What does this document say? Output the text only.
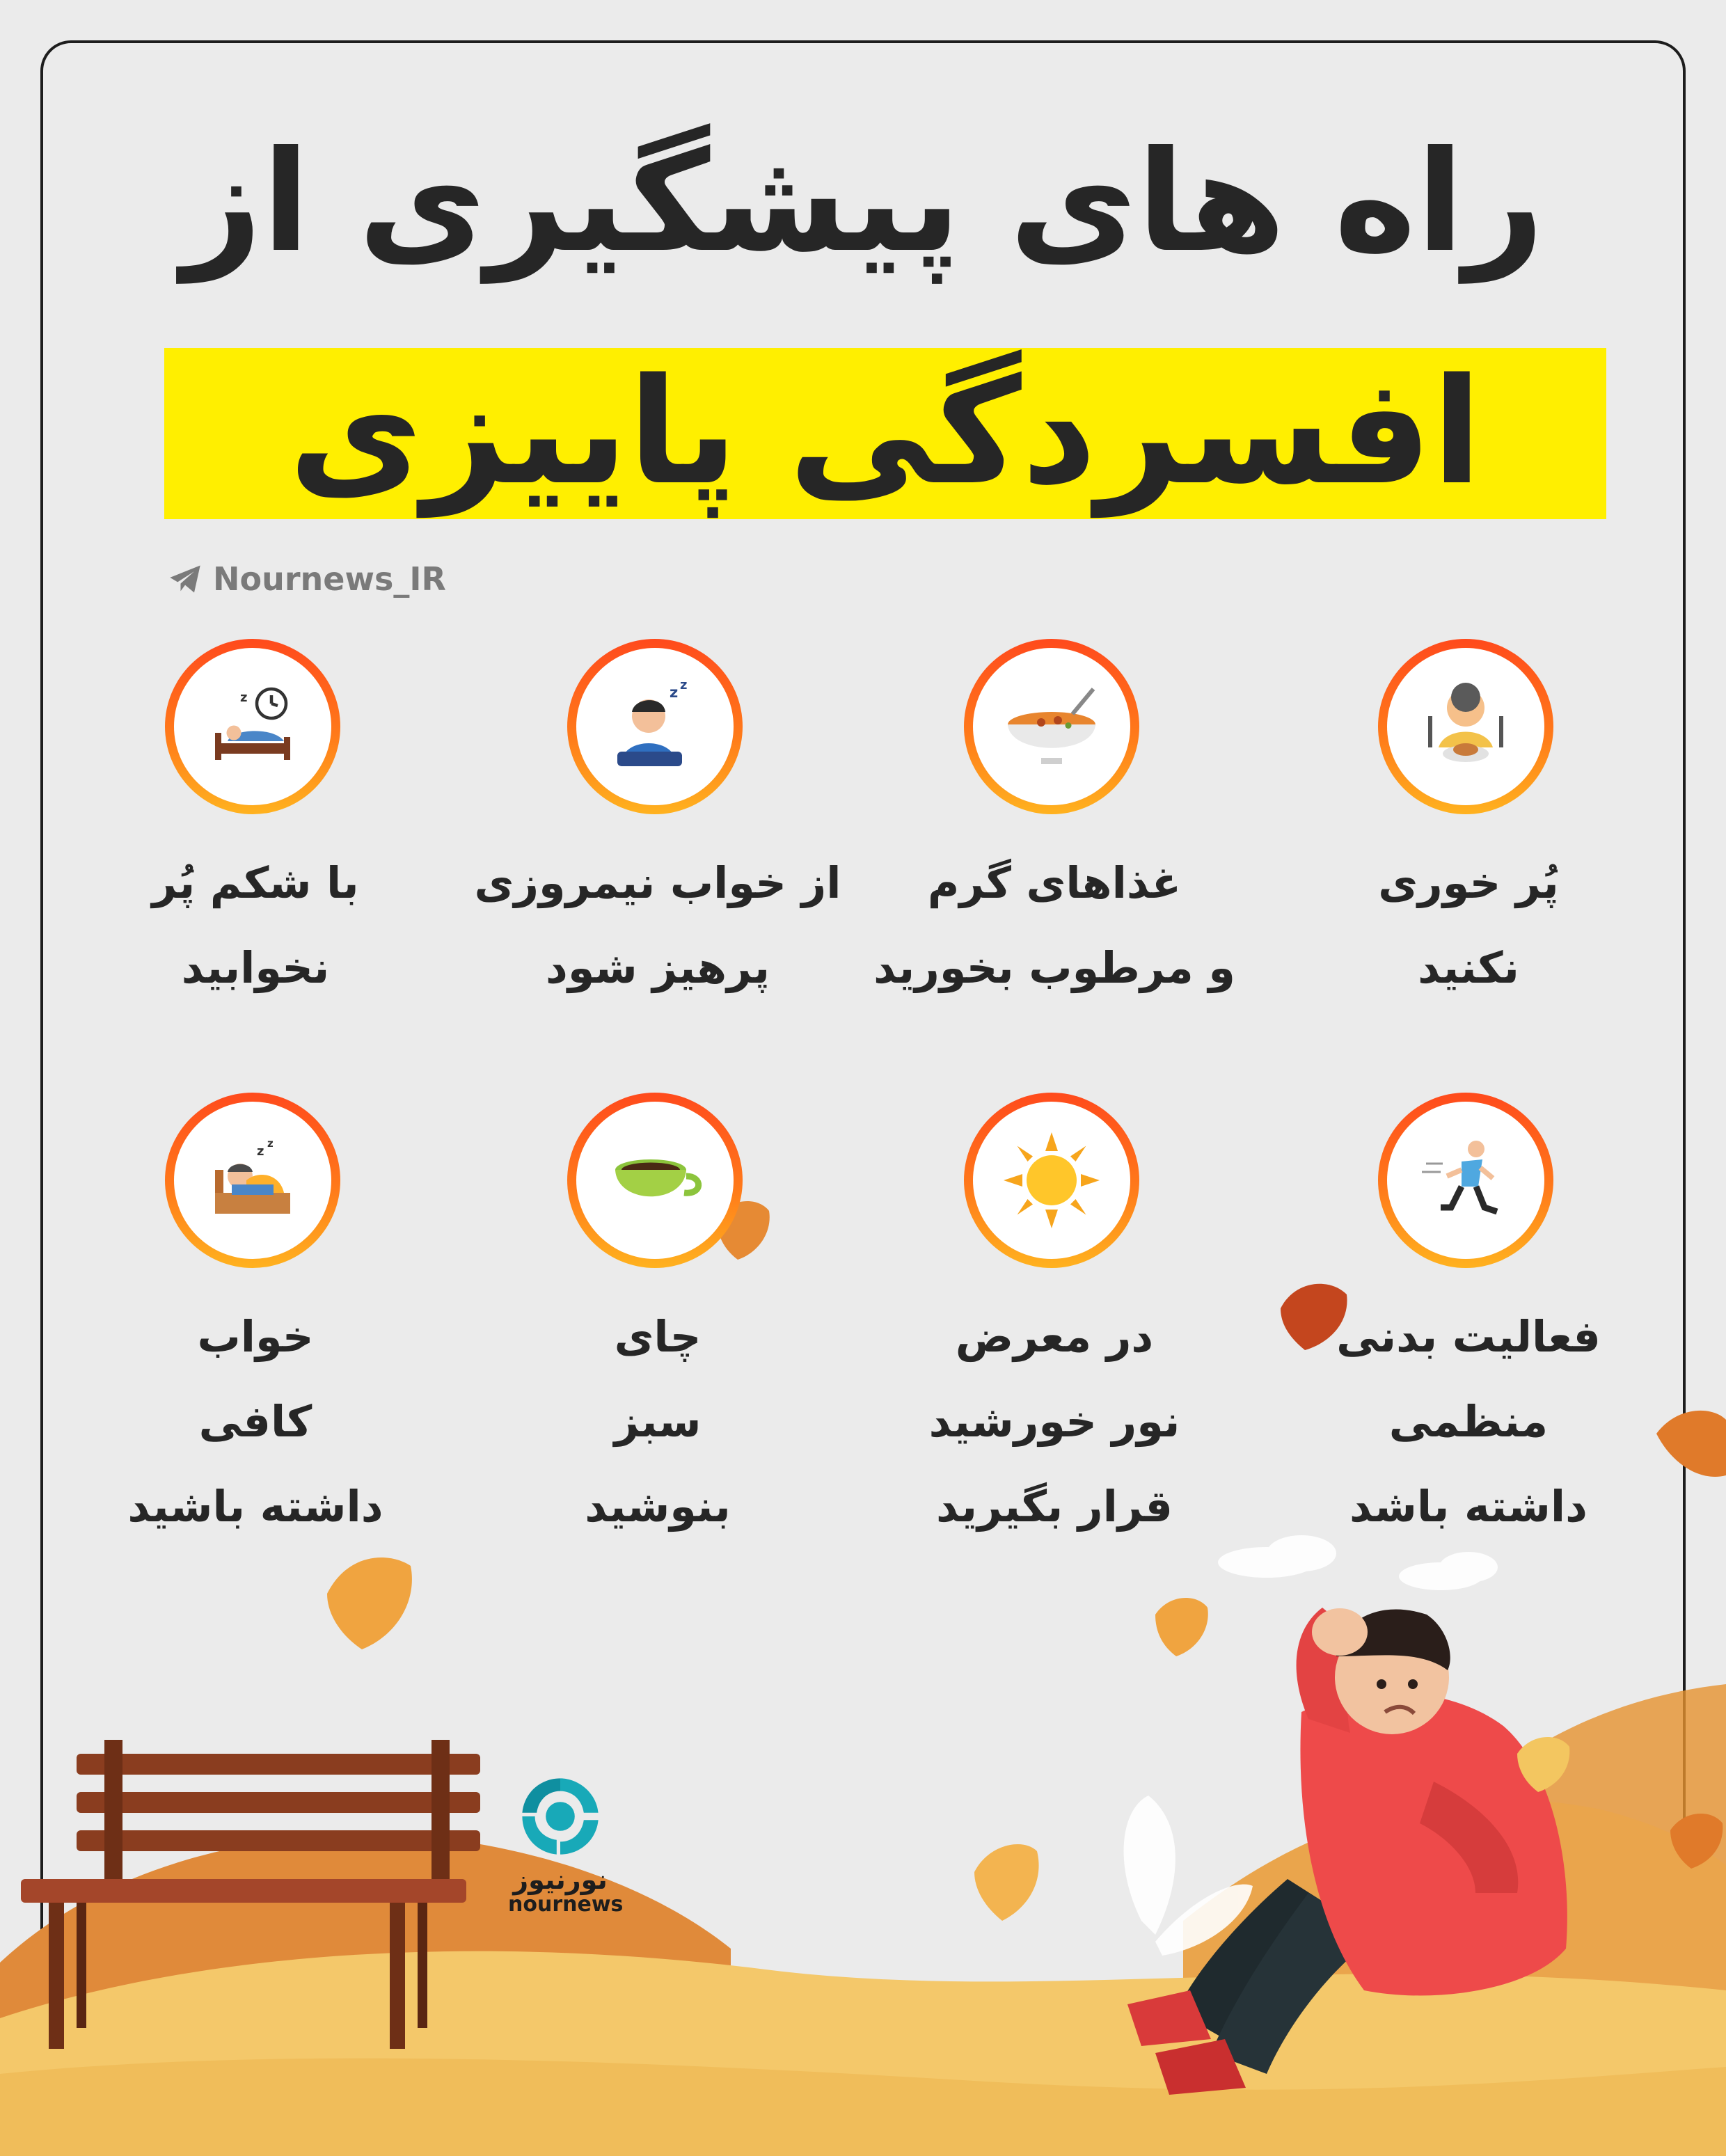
راه های پیشگیری از
افسردگی پاییزی
Nournews_IR
پُر خوری
نکنید
غذاهای گرم
و مرطوب بخورید
z z
از خواب نیمروزی
پرهیز شود
z
با شکم پُر
نخوابید
فعالیت بدنی
منظمی
داشته باشد
در معرض
نور خورشید
قرار بگیرید
چای
سبز
بنوشید
z
z
خواب
کافی
داشته باشید
نورنیوز
nournews
